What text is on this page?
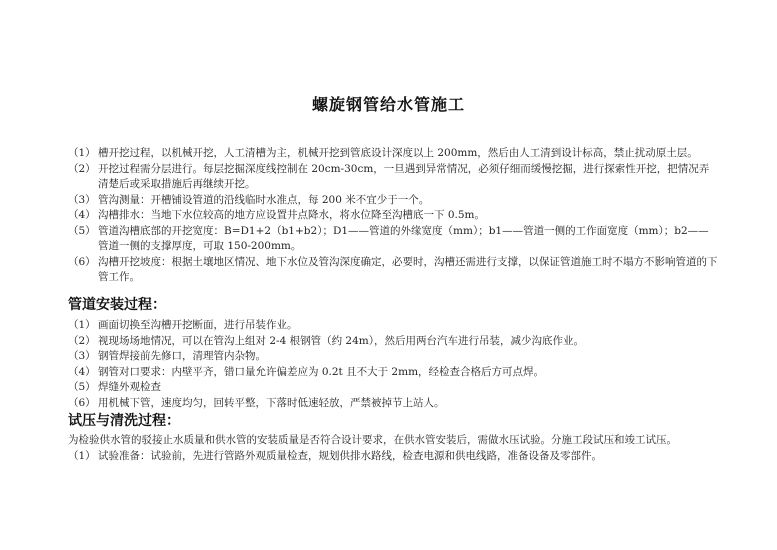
螺旋钢管给水管施工
（1） 槽开挖过程，以机械开挖，人工清槽为主，机械开挖到管底设计深度以上 200mm，然后由人工清到设计标高，禁止扰动原土层。
（2） 开挖过程需分层进行。每层挖掘深度线控制在 20cm-30cm，一旦遇到异常情况，必须仔细而缓慢挖掘，进行探索性开挖，把情况弄清楚后或采取措施后再继续开挖。
（3） 管沟测量：开槽铺设管道的沿线临时水准点，每 200 米不宜少于一个。
（4） 沟槽排水：当地下水位较高的地方应设置井点降水，将水位降至沟槽底一下 0.5m。
（5） 管道沟槽底部的开挖宽度：B=D1+2（b1+b2）；D1——管道的外缘宽度（mm）；b1——管道一侧的工作面宽度（mm）；b2——管道一侧的支撑厚度，可取 150-200mm。
（6） 沟槽开挖坡度：根据土壤地区情况、地下水位及管沟深度确定，必要时，沟槽还需进行支撑，以保证管道施工时不塌方不影响管道的下管工作。
管道安装过程：
（1） 画面切换至沟槽开挖断面，进行吊装作业。
（2） 视现场场地情况，可以在管沟上组对 2-4 根钢管（约 24m），然后用两台汽车进行吊装，减少沟底作业。
（3） 钢管焊接前先修口，清理管内杂物。
（4） 钢管对口要求：内壁平齐，错口量允许偏差应为 0.2t 且不大于 2mm，经检查合格后方可点焊。
（5） 焊缝外观检查
（6） 用机械下管，速度均匀，回转平整，下落时低速轻放，严禁被掉节上站人。
试压与清洗过程：
为检验供水管的驳接止水质量和供水管的安装质量是否符合设计要求，在供水管安装后，需做水压试验。分施工段试压和竣工试压。
（1） 试验准备：试验前，先进行管路外观质量检查，规划供排水路线，检查电源和供电线路，准备设备及零部件。
